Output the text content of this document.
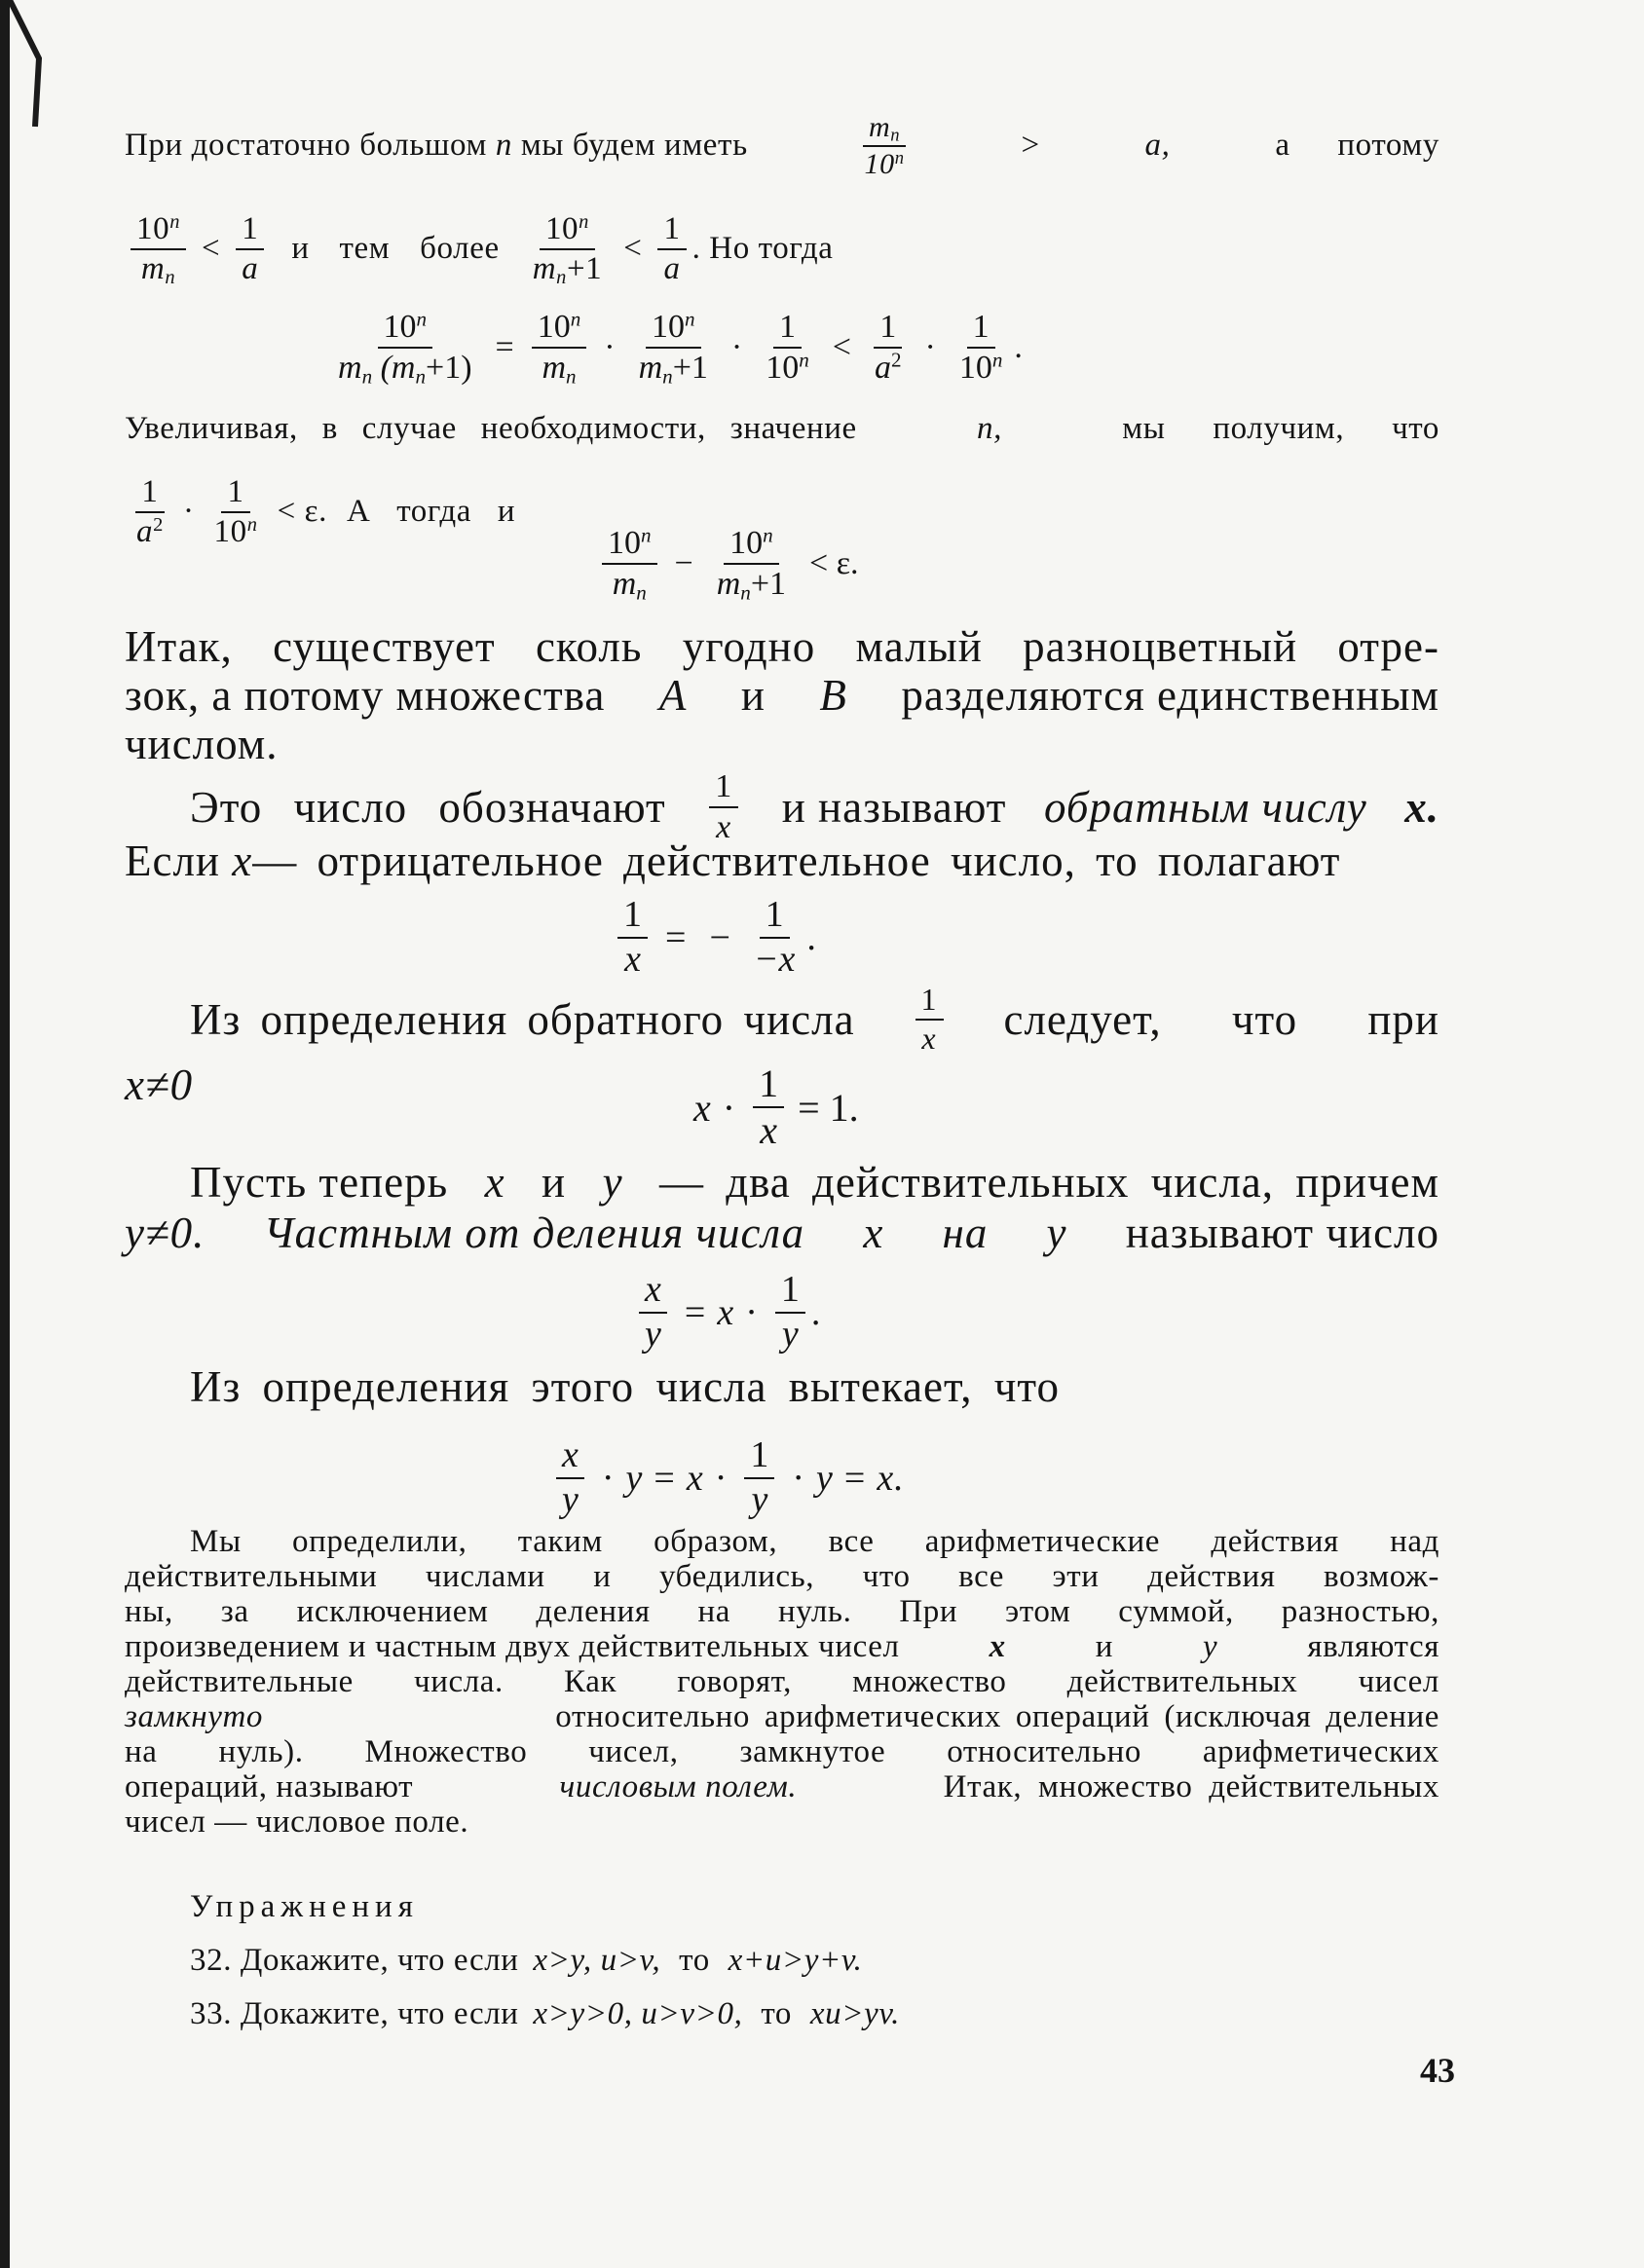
При достаточно большом n мы будем иметь	$\frac{m_n}{10^n}$	>	a,	а потому
$\frac{10^n}{m_n} < \frac{1}{a}$ и тем более $\frac{10^n}{m_n+1} < \frac{1}{a}$ . Но тогда
$\frac{10^n}{m_n (m_n+1)} = \frac{10^n}{m_n} \cdot \frac{10^n}{m_n+1} \cdot \frac{1}{10^n} < \frac{1}{a^2} \cdot \frac{1}{10^n}$ .
Увеличивая, в случае необходимости, значение	n,	мы получим, что
$\frac{1}{a^2} \cdot \frac{1}{10^n} < \varepsilon$. А тогда и
$\frac{10^n}{m_n} - \frac{10^n}{m_n+1} < \varepsilon$.
Итак, существует сколь угодно малый разноцветный отре-
зок, а потому множества A и B разделяются единственным
числом.
Это число обозначают $\frac{1}{x}$ и называют обратным числу x.
Если x— отрицательное действительное число, то полагают
$\frac{1}{x}$ = − $\frac{1}{-x}$ .
Из определения обратного числа $\frac{1}{x}$ следует, что при
x≠0	$x \cdot \frac{1}{x} = 1$.
Пусть теперь x и y — два действительных числа, причем
y≠0. Частным от деления числа x на y называют число
$\frac{x}{y} = x \cdot \frac{1}{y}$ .
Из определения этого числа вытекает, что
$\frac{x}{y} \cdot y = x \cdot \frac{1}{y} \cdot y = x$ .
Мы определили, таким образом, все арифметические действия над
действительными числами и убедились, что все эти действия возмож-
ны, за исключением деления на нуль. При этом суммой, разностью,
произведением и частным двух действительных чисел	x	и	y	являются
действительные числа. Как говорят, множество действительных чисел
замкнуто	относительно арифметических операций (исключая деление
на нуль). Множество чисел, замкнутое относительно арифметических
операций, называют	числовым полем.	Итак, множество действительных
чисел — числовое поле.
Упражнения
32. Докажите, что если x>y, u>v, то x+u>y+v.
33. Докажите, что если x>y>0, u>v>0, то xu>yv.
43
